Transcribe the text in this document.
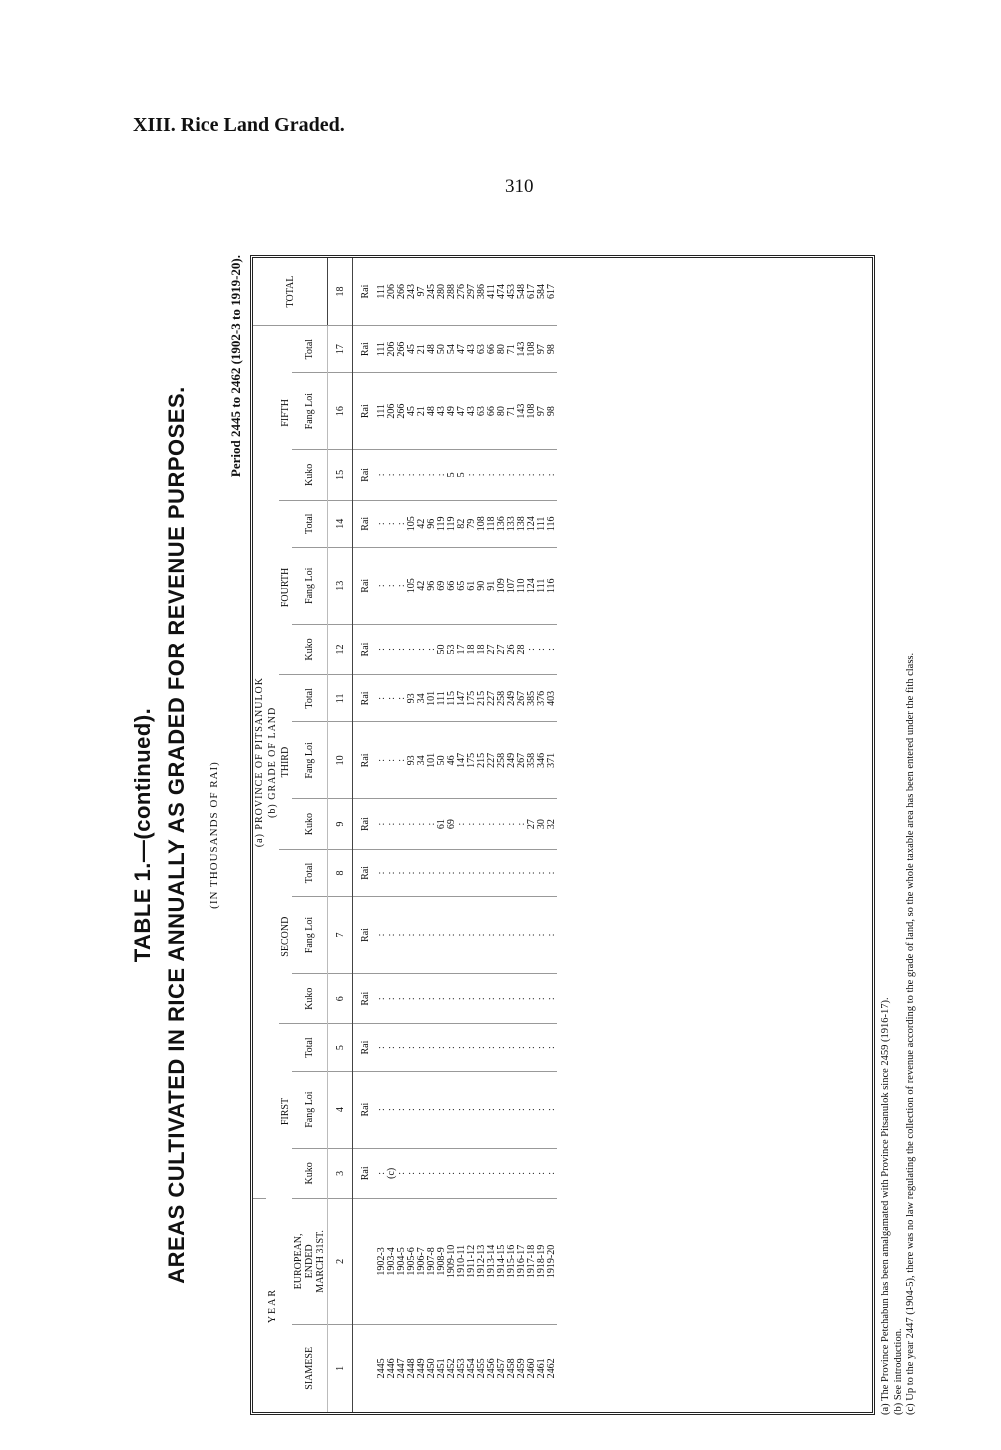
XIII. Rice Land Graded.
310
TABLE 1.—(continued). AREAS CULTIVATED IN RICE ANNUALLY AS GRADED FOR REVENUE PURPOSES. (IN THOUSANDS OF RAI)
Period 2445 to 2462 (1902-3 to 1919-20).
YEAR		(a) PROVINCE OF PITSANULOK															TOTAL
		(b) GRADE OF LAND															
		FIRST			SECOND			THIRD			FOURTH			FIFTH			
SIAMESE	EUROPEAN, ENDED MARCH 31ST.	Kuko	Fang Loi	Total	Kuko	Fang Loi	Total	Kuko	Fang Loi	Total	Kuko	Fang Loi	Total	Kuko	Fang Loi	Total	
1	2	3	4	5	6	7	8	9	10	11	12	13	14	15	16	17	18
		Rai	Rai	Rai	Rai	Rai	Rai	Rai	Rai	Rai	Rai	Rai	Rai	Rai	Rai	Rai	Rai
2445	1902-3	:	:	:	:	:	:	:	:	:	:	:	:	:	111	111	111
2446	1903-4	(c)	:	:	:	:	:	:	:	:	:	:	:	:	206	206	206
2447	1904-5	:	:	:	:	:	:	:	:	:	:	:	:	:	266	266	266
2448	1905-6	:	:	:	:	:	:	:	93	93	:	105	105	:	45	45	243
2449	1906-7	:	:	:	:	:	:	:	34	34	:	42	42	:	21	21	97
2450	1907-8	:	:	:	:	:	:	:	101	101	:	96	96	:	48	48	245
2451	1908-9	:	:	:	:	:	:	61	50	111	50	69	119	:	43	50	280
2452	1909-10	:	:	:	:	:	:	69	46	115	53	66	119	5	49	54	288
2453	1910-11	:	:	:	:	:	:	:	147	147	17	65	82	5	47	47	276
2454	1911-12	:	:	:	:	:	:	:	175	175	18	61	79	:	43	43	297
2455	1912-13	:	:	:	:	:	:	:	215	215	18	90	108	:	63	63	386
2456	1913-14	:	:	:	:	:	:	:	227	227	27	91	118	:	66	66	411
2457	1914-15	:	:	:	:	:	:	:	258	258	27	109	136	:	80	80	474
2458	1915-16	:	:	:	:	:	:	:	249	249	26	107	133	:	71	71	453
2459	1916-17	:	:	:	:	:	:	:	267	267	28	110	138	:	143	143	548
2460	1917-18	:	:	:	:	:	:	27	358	385	:	124	124	:	108	108	617
2461	1918-19	:	:	:	:	:	:	30	346	376	:	111	111	:	97	97	584
2462	1919-20	:	:	:	:	:	:	32	371	403	:	116	116	:	98	98	617
(a) The Province Petchabun has been amalgamated with Province Pitsanulok since 2459 (1916-17). (b) See introduction. (c) Up to the year 2447 (1904-5), there was no law regulating the collection of revenue according to the grade of land, so the whole taxable area has been entered under the fith class.
